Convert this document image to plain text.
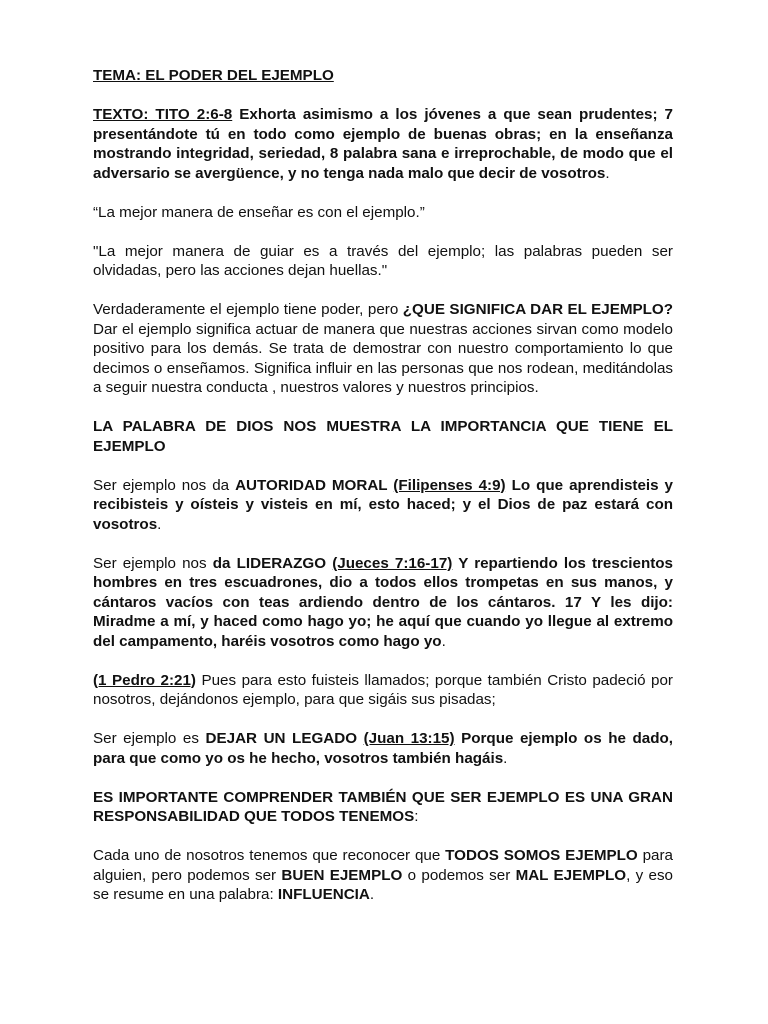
TEMA: EL PODER DEL EJEMPLO

TEXTO: TITO 2:6-8 Exhorta asimismo a los jóvenes a que sean prudentes; 7 presentándote tú en todo como ejemplo de buenas obras; en la enseñanza mostrando integridad, seriedad, 8 palabra sana e irreprochable, de modo que el adversario se avergüence, y no tenga nada malo que decir de vosotros.

“La mejor manera de enseñar es con el ejemplo.”

"La mejor manera de guiar es a través del ejemplo; las palabras pueden ser olvidadas, pero las acciones dejan huellas."

Verdaderamente el ejemplo tiene poder, pero ¿QUE SIGNIFICA DAR EL EJEMPLO? Dar el ejemplo significa actuar de manera que nuestras acciones sirvan como modelo positivo para los demás. Se trata de demostrar con nuestro comportamiento lo que decimos o enseñamos. Significa influir en las personas que nos rodean, meditándolas a seguir nuestra conducta , nuestros valores y nuestros principios.

LA PALABRA DE DIOS NOS MUESTRA LA IMPORTANCIA QUE TIENE EL EJEMPLO

Ser ejemplo nos da AUTORIDAD MORAL (Filipenses 4:9) Lo que aprendisteis y recibisteis y oísteis y visteis en mí, esto haced; y el Dios de paz estará con vosotros.

Ser ejemplo nos da LIDERAZGO (Jueces 7:16-17) Y repartiendo los trescientos hombres en tres escuadrones, dio a todos ellos trompetas en sus manos, y cántaros vacíos con teas ardiendo dentro de los cántaros. 17 Y les dijo: Miradme a mí, y haced como hago yo; he aquí que cuando yo llegue al extremo del campamento, haréis vosotros como hago yo.

(1 Pedro 2:21) Pues para esto fuisteis llamados; porque también Cristo padeció por nosotros, dejándonos ejemplo, para que sigáis sus pisadas;

Ser ejemplo es DEJAR UN LEGADO (Juan 13:15) Porque ejemplo os he dado, para que como yo os he hecho, vosotros también hagáis.

ES IMPORTANTE COMPRENDER TAMBIÉN QUE SER EJEMPLO ES UNA GRAN RESPONSABILIDAD QUE TODOS TENEMOS:

Cada uno de nosotros tenemos que reconocer que TODOS SOMOS EJEMPLO para alguien, pero podemos ser BUEN EJEMPLO o podemos ser MAL EJEMPLO, y eso se resume en una palabra: INFLUENCIA.
